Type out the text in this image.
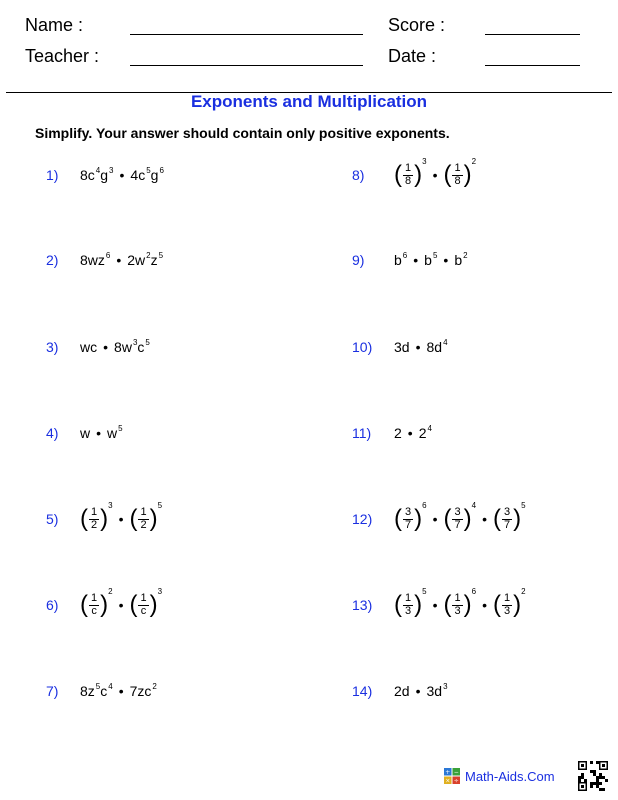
Name :	Score :
Teacher :	Date :
Exponents and Multiplication
Simplify. Your answer should contain only positive exponents.
1)	$8c^4g^3$ • $4c^5g^6$
2)	$8wz^6$ • $2w^2z^5$
3)	wc • $8w^3c^5$
4)	w • $w^5$
5) ( $\frac{1}{2}$ ) 3
• ( $\frac{1}{2}$ ) 5
6) ( $\frac{1}{c}$ ) 2
• ( $\frac{1}{c}$ ) 3
7)	$8z^5c^4$ • $7zc^2$
8)	( $\frac{1}{8}$ ) 3
• ( $\frac{1}{8}$ ) 2
9)	$b^6$ • $b^5$ • $b^2$
10)	3d • $8d^4$
11)	2 • $2^4$
12) ( $\frac{3}{7}$ ) 6
• ( $\frac{3}{7}$ ) 4
• ( $\frac{3}{7}$ ) 5
13) ( $\frac{1}{3}$ ) 5
• ( $\frac{1}{3}$ ) 6
• ( $\frac{1}{3}$ ) 2
14)	2d • $3d^3$
+ −
× ÷ Math-Aids.Com
